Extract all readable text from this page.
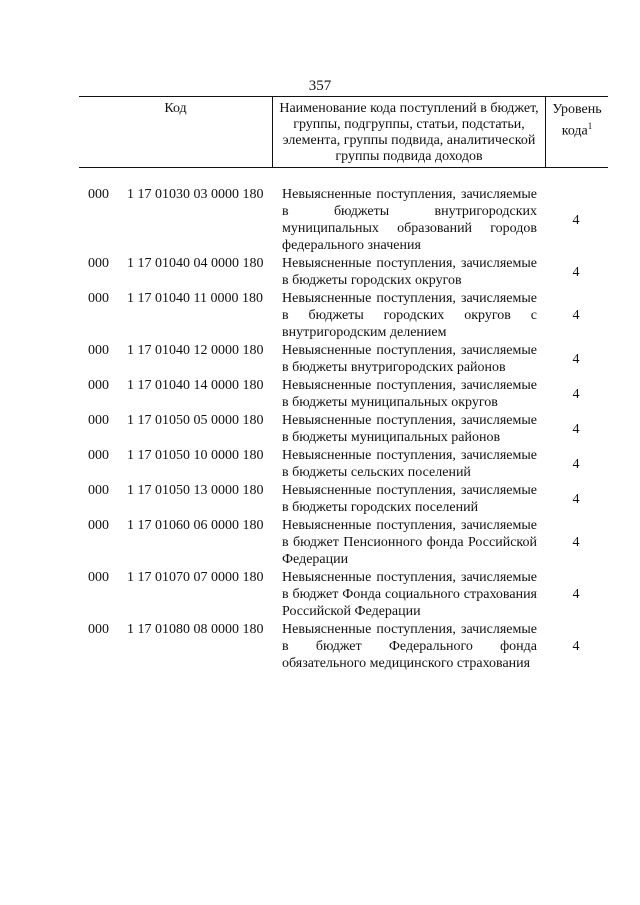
357
Код	Наименование кода поступлений в бюджет, группы, подгруппы, статьи, подстатьи, элемента, группы подвида, аналитической группы подвида доходов
Уровень кода$^1$
000 1 17 01030 03 0000 180 Невыясненные поступления, зачисляемые в бюджеты внутригородских муниципальных образований городов федерального значения
4
000 1 17 01040 04 0000 180 Невыясненные поступления, зачисляемые в бюджеты городских округов
4
000 1 17 01040 11 0000 180 Невыясненные поступления, зачисляемые в бюджеты городских округов с внутригородским делением
4
000 1 17 01040 12 0000 180 Невыясненные поступления, зачисляемые в бюджеты внутригородских районов
4
000 1 17 01040 14 0000 180 Невыясненные поступления, зачисляемые в бюджеты муниципальных округов
4
000 1 17 01050 05 0000 180 Невыясненные поступления, зачисляемые в бюджеты муниципальных районов
4
000 1 17 01050 10 0000 180 Невыясненные поступления, зачисляемые в бюджеты сельских поселений
4
000 1 17 01050 13 0000 180 Невыясненные поступления, зачисляемые в бюджеты городских поселений
4
000 1 17 01060 06 0000 180 Невыясненные поступления, зачисляемые в бюджет Пенсионного фонда Российской Федерации
4
000 1 17 01070 07 0000 180 Невыясненные поступления, зачисляемые в бюджет Фонда социального страхования Российской Федерации
4
000 1 17 01080 08 0000 180 Невыясненные поступления, зачисляемые в бюджет Федерального фонда обязательного медицинского страхования
4
